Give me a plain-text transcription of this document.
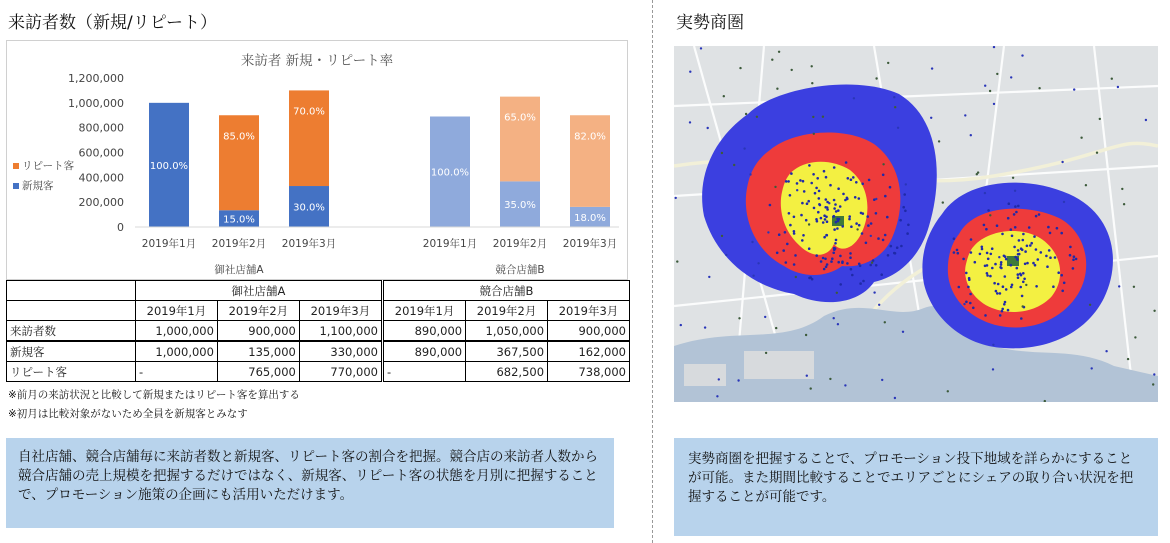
来訪者数（新規/リピート）	実勢商圏
来訪者 新規・リピート率
0
200,000
400,000
600,000
800,000
1,000,000
1,200,000
リピート客
新規客
100.0%
2019年1月
15.0%
85.0%
2019年2月
30.0%
70.0%
2019年3月
御社店舗A
100.0%
2019年1月
35.0%
65.0%
2019年2月
18.0%
82.0%
2019年3月
競合店舗B
	御社店舗A			競合店舗B		
	2019年1月	2019年2月	2019年3月	2019年1月	2019年2月	2019年3月
来訪者数	1,000,000	900,000	1,100,000	890,000	1,050,000	900,000
新規客	1,000,000	135,000	330,000	890,000	367,500	162,000
リピート客	-	765,000	770,000	-	682,500	738,000
※前月の来訪状況と比較して新規またはリピート客を算出する
※初月は比較対象がないため全員を新規客とみなす
自社店舗、競合店舗毎に来訪者数と新規客、リピート客の割合を把握。競合店の来訪者人数から競合店舗の売上規模を把握するだけではなく、新規客、リピート客の状態を月別に把握することで、プロモーション施策の企画にも活用いただけます。
実勢商圏を把握することで、プロモーション投下地域を詳らかにすることが可能。また期間比較することでエリアごとにシェアの取り合い状況を把握することが可能です。
